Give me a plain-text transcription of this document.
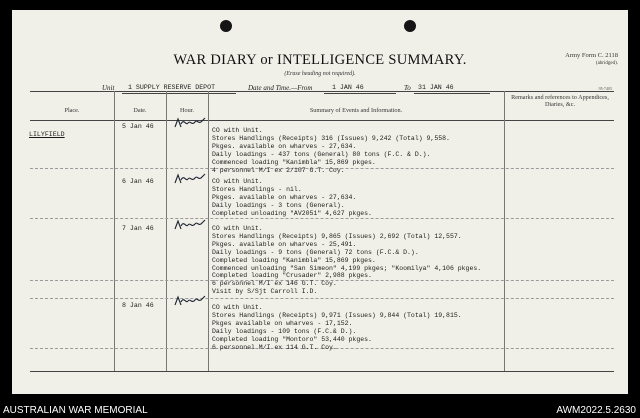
WAR DIARY or INTELLIGENCE SUMMARY.
(Erase heading not required).
Army Form C. 2118
(abridged).
95-7405
Unit 1 SUPPLY RESERVE DEPOT	Date and Time.—From	1 JAN 46	To 31 JAN 46
Place.	Date.	Hour.	Summary of Events and Information.
Remarks and references to Appendices, Diaries, &c.
LILYFIELD
5 Jan 46
CO with Unit.
Stores Handlings (Receipts) 316 (Issues) 9,242 (Total) 9,558.
Pkges. available on wharves - 27,634.
Daily loadings - 437 tons (General) 80 tons (F.C. & D.).
Commenced loading "Kanimbla" 15,869 pkges.
4 personnel M/I ex 2/107 G.T. Coy.
6 Jan 46	CO with Unit.
Stores Handlings - nil.
Pkges. available on wharves - 27,634.
Daily loadings - 3 tons (General).
Completed unloading "AV2051" 4,627 pkges.
7 Jan 46	CO with Unit.
Stores Handlings (Receipts) 9,865 (Issues) 2,692 (Total) 12,557.
Pkges. available on wharves - 25,491.
Daily loadings - 9 tons (General) 72 tons (F.C.& D.).
Completed loading "Kanimbla" 15,869 pkges.
Commenced unloading "San Simeon" 4,199 pkges; "Koomilya" 4,106 pkges.
Completed loading "Crusader" 2,988 pkges.
6 personnel M/I ex 146 G.T. Coy.
Visit by S/Sjt Carroll I.D.
8 Jan 46	CO with Unit.
Stores Handlings (Receipts) 9,971 (Issues) 9,844 (Total) 19,815.
Pkges available on wharves - 17,152.
Daily loadings - 109 tons (F.C.& D.).
Completed loading "Montoro" 53,440 pkges.
6 personnel M/I ex 114 G.T. Coy.
AUSTRALIAN WAR MEMORIAL	AWM2022.5.2630
